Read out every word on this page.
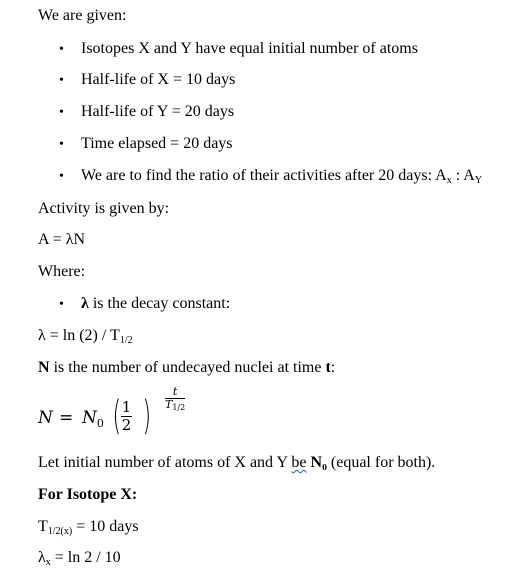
We are given:
• Isotopes X and Y have equal initial number of atoms
• Half-life of X = 10 days
• Half-life of Y = 20 days
• Time elapsed = 20 days
• We are to find the ratio of their activities after 20 days: $A_x$ : $A_Y$
Activity is given by:
A = λN
Where:
• λ is the decay constant:
$\lambda = \ln (2) / T_{1/2}$
N is the number of undecayed nuclei at time t:
$N = N_0$ ( $\frac{1}{2}$ ) $\frac{t}{T_{1/2}}$
Let initial number of atoms of X and Y be N₀ (equal for both).
For Isotope X:
$T_{1/2(x)} = 10$ days
$\lambda_x = \ln 2 / 10$
